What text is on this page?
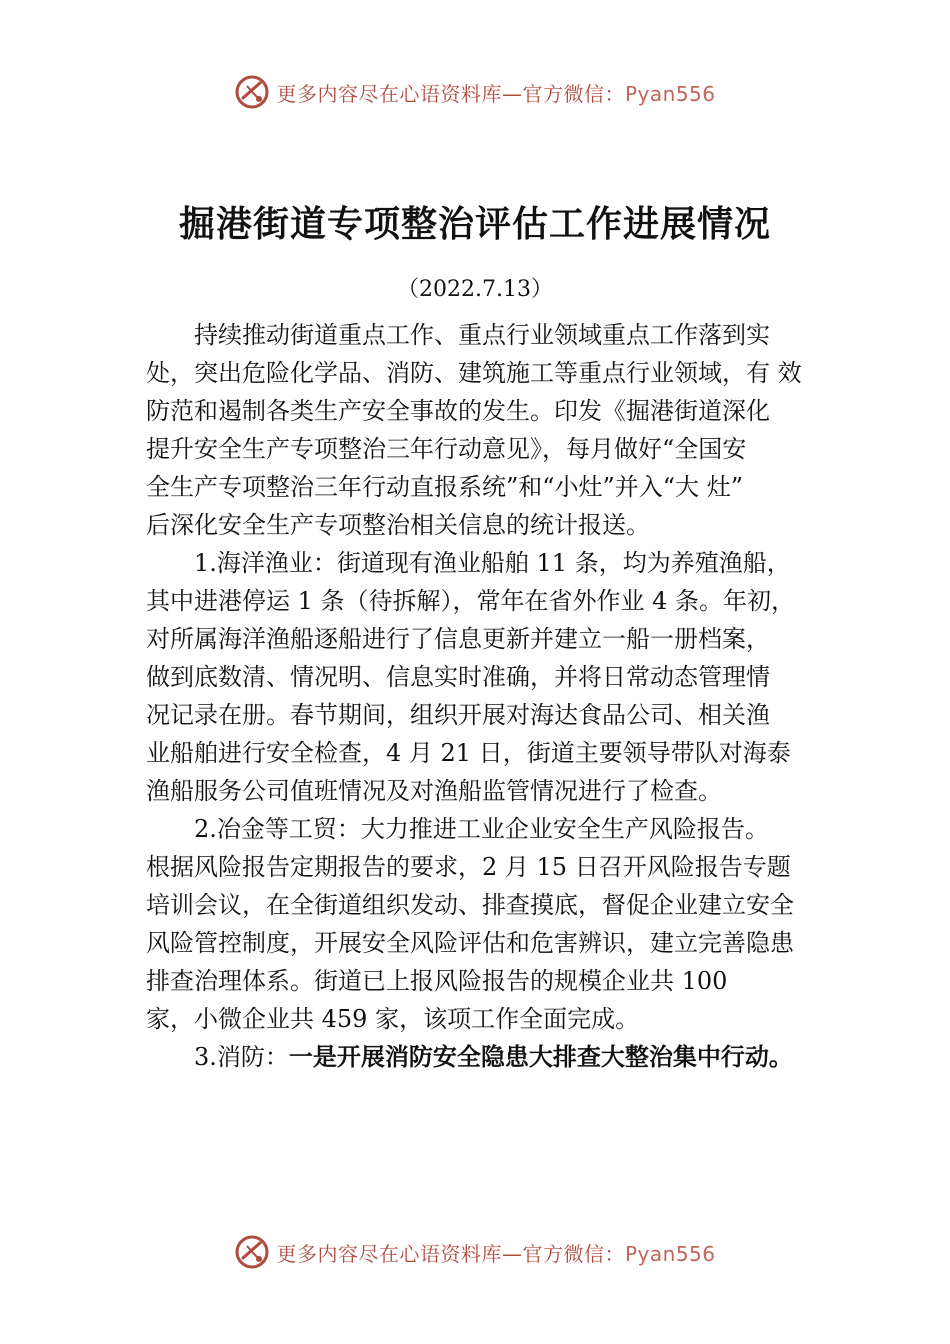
更多内容尽在心语资料库—官方微信：Pyan556
掘港街道专项整治评估工作进展情况
（2022.7.13）
持续推动街道重点工作、重点行业领域重点工作落到实
处，突出危险化学品、消防、建筑施工等重点行业领域，有 效
防范和遏制各类生产安全事故的发生。印发《掘港街道深化
提升安全生产专项整治三年行动意见》，每月做好“全国安
全生产专项整治三年行动直报系统”和“小灶”并入“大 灶”
后深化安全生产专项整治相关信息的统计报送。
1.海洋渔业：街道现有渔业船舶 11 条，均为养殖渔船，
其中进港停运 1 条（待拆解），常年在省外作业 4 条。年初，
对所属海洋渔船逐船进行了信息更新并建立一船一册档案，
做到底数清、情况明、信息实时准确，并将日常动态管理情
况记录在册。春节期间，组织开展对海达食品公司、相关渔
业船舶进行安全检查，4 月 21 日，街道主要领导带队对海泰
渔船服务公司值班情况及对渔船监管情况进行了检查。
2.冶金等工贸：大力推进工业企业安全生产风险报告。
根据风险报告定期报告的要求，2 月 15 日召开风险报告专题
培训会议，在全街道组织发动、排查摸底，督促企业建立安全
风险管控制度，开展安全风险评估和危害辨识，建立完善隐患
排查治理体系。街道已上报风险报告的规模企业共 100
家，小微企业共 459 家，该项工作全面完成。
3.消防：一是开展消防安全隐患大排查大整治集中行动。
更多内容尽在心语资料库—官方微信：Pyan556
